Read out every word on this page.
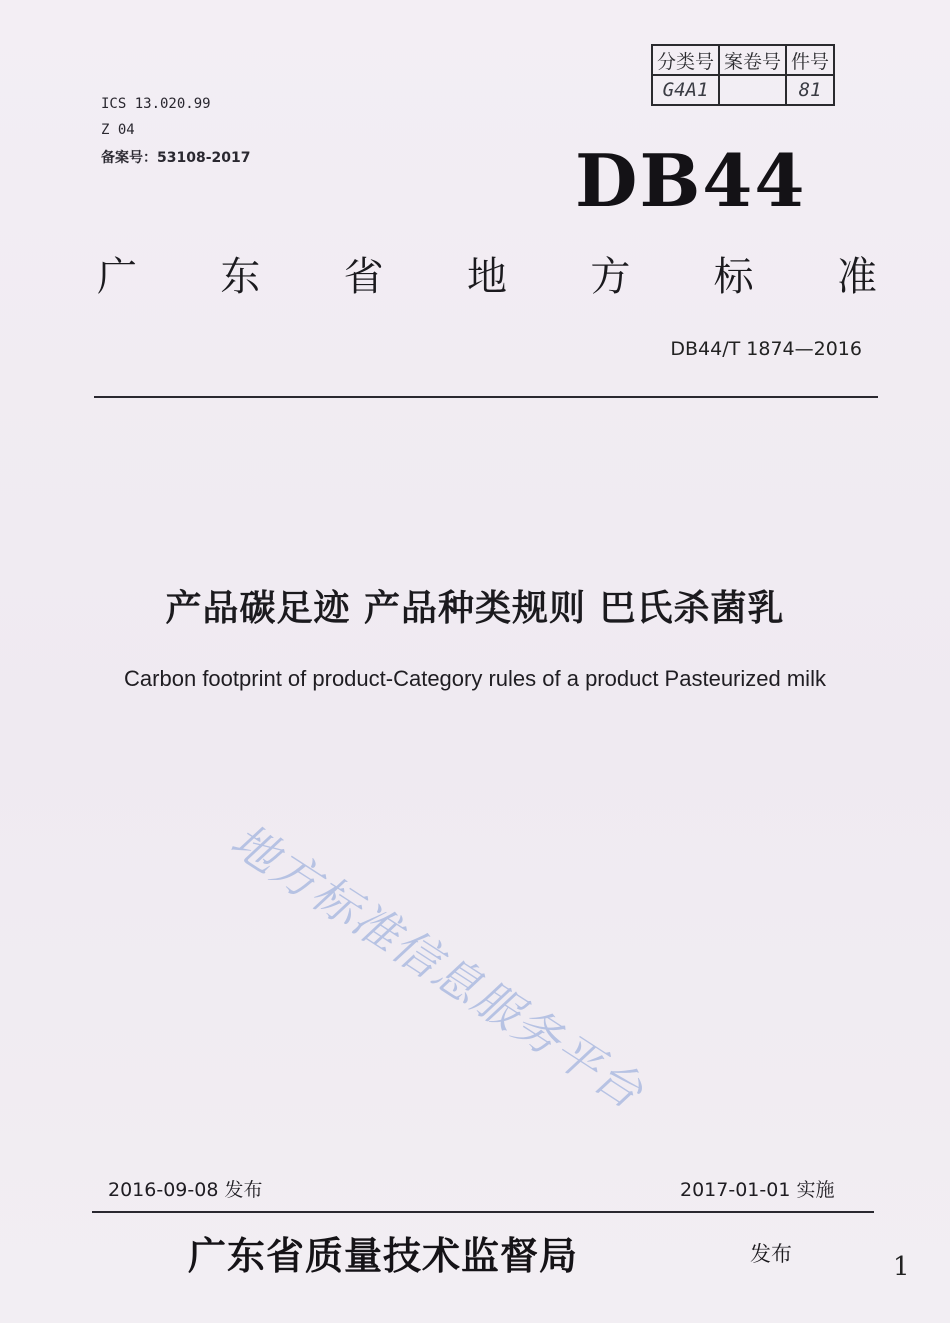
分类号	案卷号	件号
G4A1		81
ICS 13.020.99
Z 04
备案号：53108-2017	DB44
广 东 省 地 方 标 准
DB44/T 1874—2016
产品碳足迹 产品种类规则 巴氏杀菌乳
Carbon footprint of product-Category rules of a product Pasteurized milk
地方标准信息服务平台
2016-09-08 发布	2017-01-01 实施
广东省质量技术监督局	发布	1
